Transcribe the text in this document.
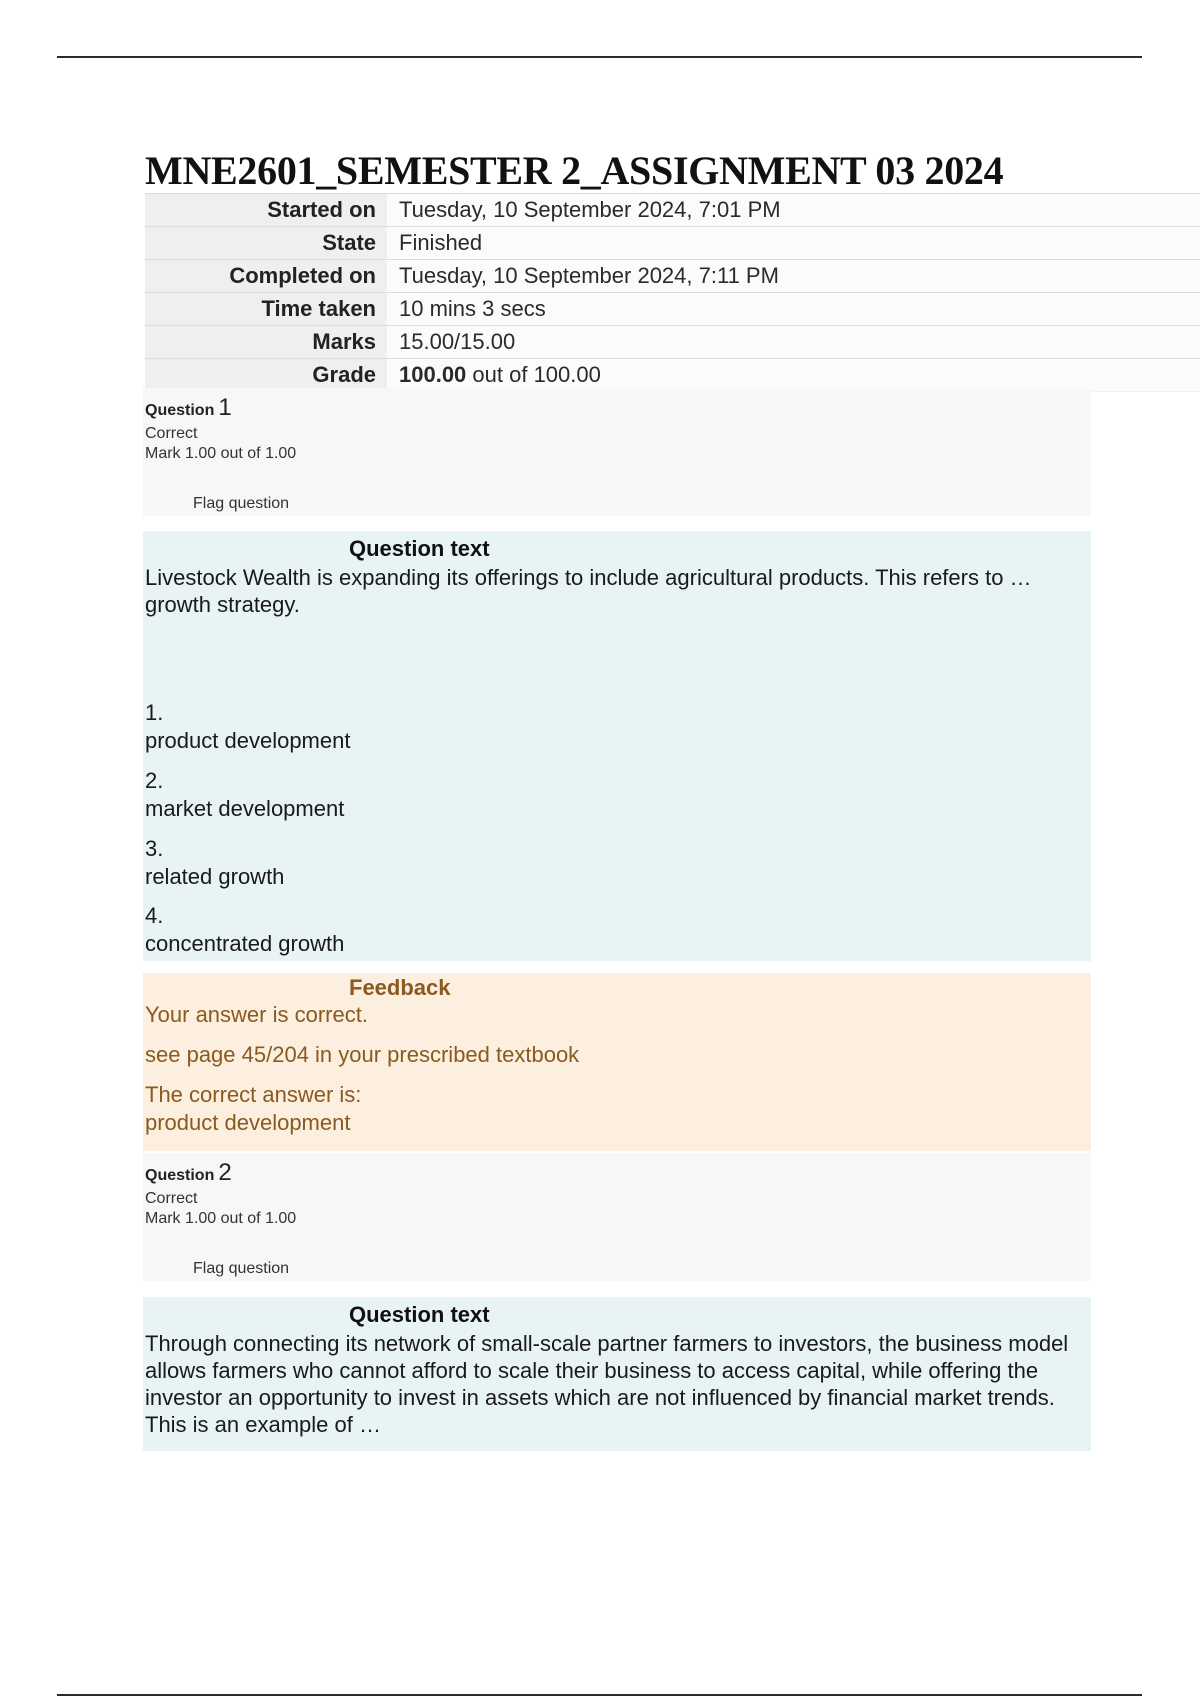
MNE2601_SEMESTER 2_ASSIGNMENT 03 2024
Started on	Tuesday, 10 September 2024, 7:01 PM
State	Finished
Completed on	Tuesday, 10 September 2024, 7:11 PM
Time taken	10 mins 3 secs
Marks	15.00/15.00
Grade	100.00 out of 100.00
Question 1
Correct
Mark 1.00 out of 1.00
Flag question
Question text
Livestock Wealth is expanding its offerings to include agricultural products. This refers to … growth strategy.
1.
product development
2.
market development
3.
related growth
4.
concentrated growth
Feedback
Your answer is correct.
see page 45/204 in your prescribed textbook
The correct answer is:
product development
Question 2
Correct
Mark 1.00 out of 1.00
Flag question
Question text
Through connecting its network of small-scale partner farmers to investors, the business model allows farmers who cannot afford to scale their business to access capital, while offering the investor an opportunity to invest in assets which are not influenced by financial market trends. This is an example of …
